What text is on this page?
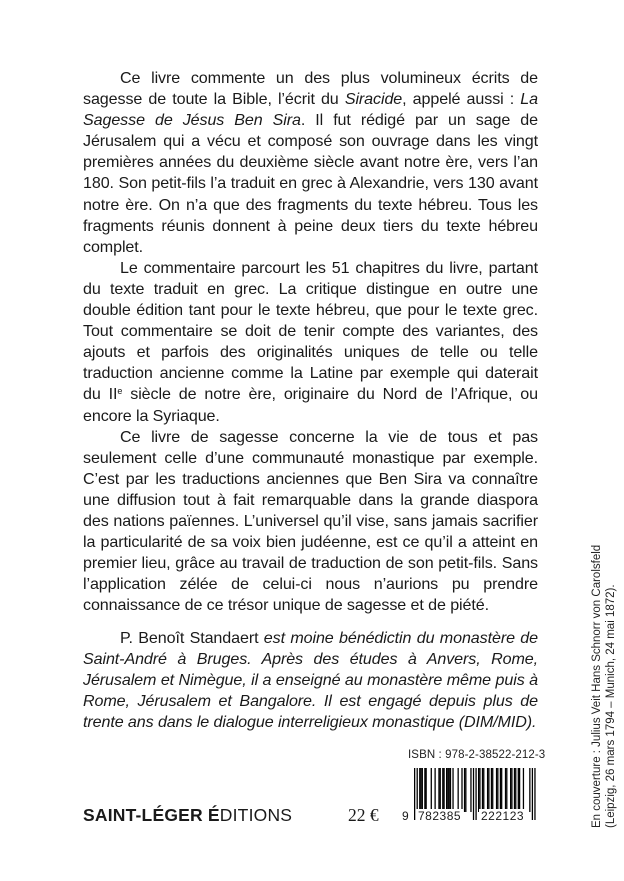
Ce livre commente un des plus volumineux écrits de sagesse de toute la Bible, l’écrit du Siracide, appelé aussi : La Sagesse de Jésus Ben Sira. Il fut rédigé par un sage de Jérusalem qui a vécu et composé son ouvrage dans les vingt premières années du deuxième siècle avant notre ère, vers l’an 180. Son petit-fils l’a traduit en grec à Alexandrie, vers 130 avant notre ère. On n’a que des fragments du texte hébreu. Tous les fragments réunis donnent à peine deux tiers du texte hébreu complet.

Le commentaire parcourt les 51 chapitres du livre, partant du texte traduit en grec. La critique distingue en outre une double édition tant pour le texte hébreu, que pour le texte grec. Tout commentaire se doit de tenir compte des variantes, des ajouts et parfois des originalités uniques de telle ou telle traduction ancienne comme la Latine par exemple qui daterait du IIe siècle de notre ère, originaire du Nord de l’Afrique, ou encore la Syriaque.

Ce livre de sagesse concerne la vie de tous et pas seulement celle d’une communauté monastique par exemple. C’est par les traductions anciennes que Ben Sira va connaître une diffusion tout à fait remarquable dans la grande diaspora des nations païennes. L’universel qu’il vise, sans jamais sacrifier la particularité de sa voix bien judéenne, est ce qu’il a atteint en premier lieu, grâce au travail de traduction de son petit-fils. Sans l’application zélée de celui-ci nous n’aurions pu prendre connaissance de ce trésor unique de sagesse et de piété.

P. Benoît Standaert est moine bénédictin du monastère de Saint-André à Bruges. Après des études à Anvers, Rome, Jérusalem et Nimègue, il a enseigné au monastère même puis à Rome, Jérusalem et Bangalore. Il est engagé depuis plus de trente ans dans le dialogue interreligieux monastique (DIM/MID).

ISBN : 978-2-38522-212-3
9 782385 222123
SAINT-LÉGER ÉDITIONS	22 €	En couverture : Julius Veit Hans Schnorr von Carolsfeld (Leipzig, 26 mars 1794 – Munich, 24 mai 1872).
